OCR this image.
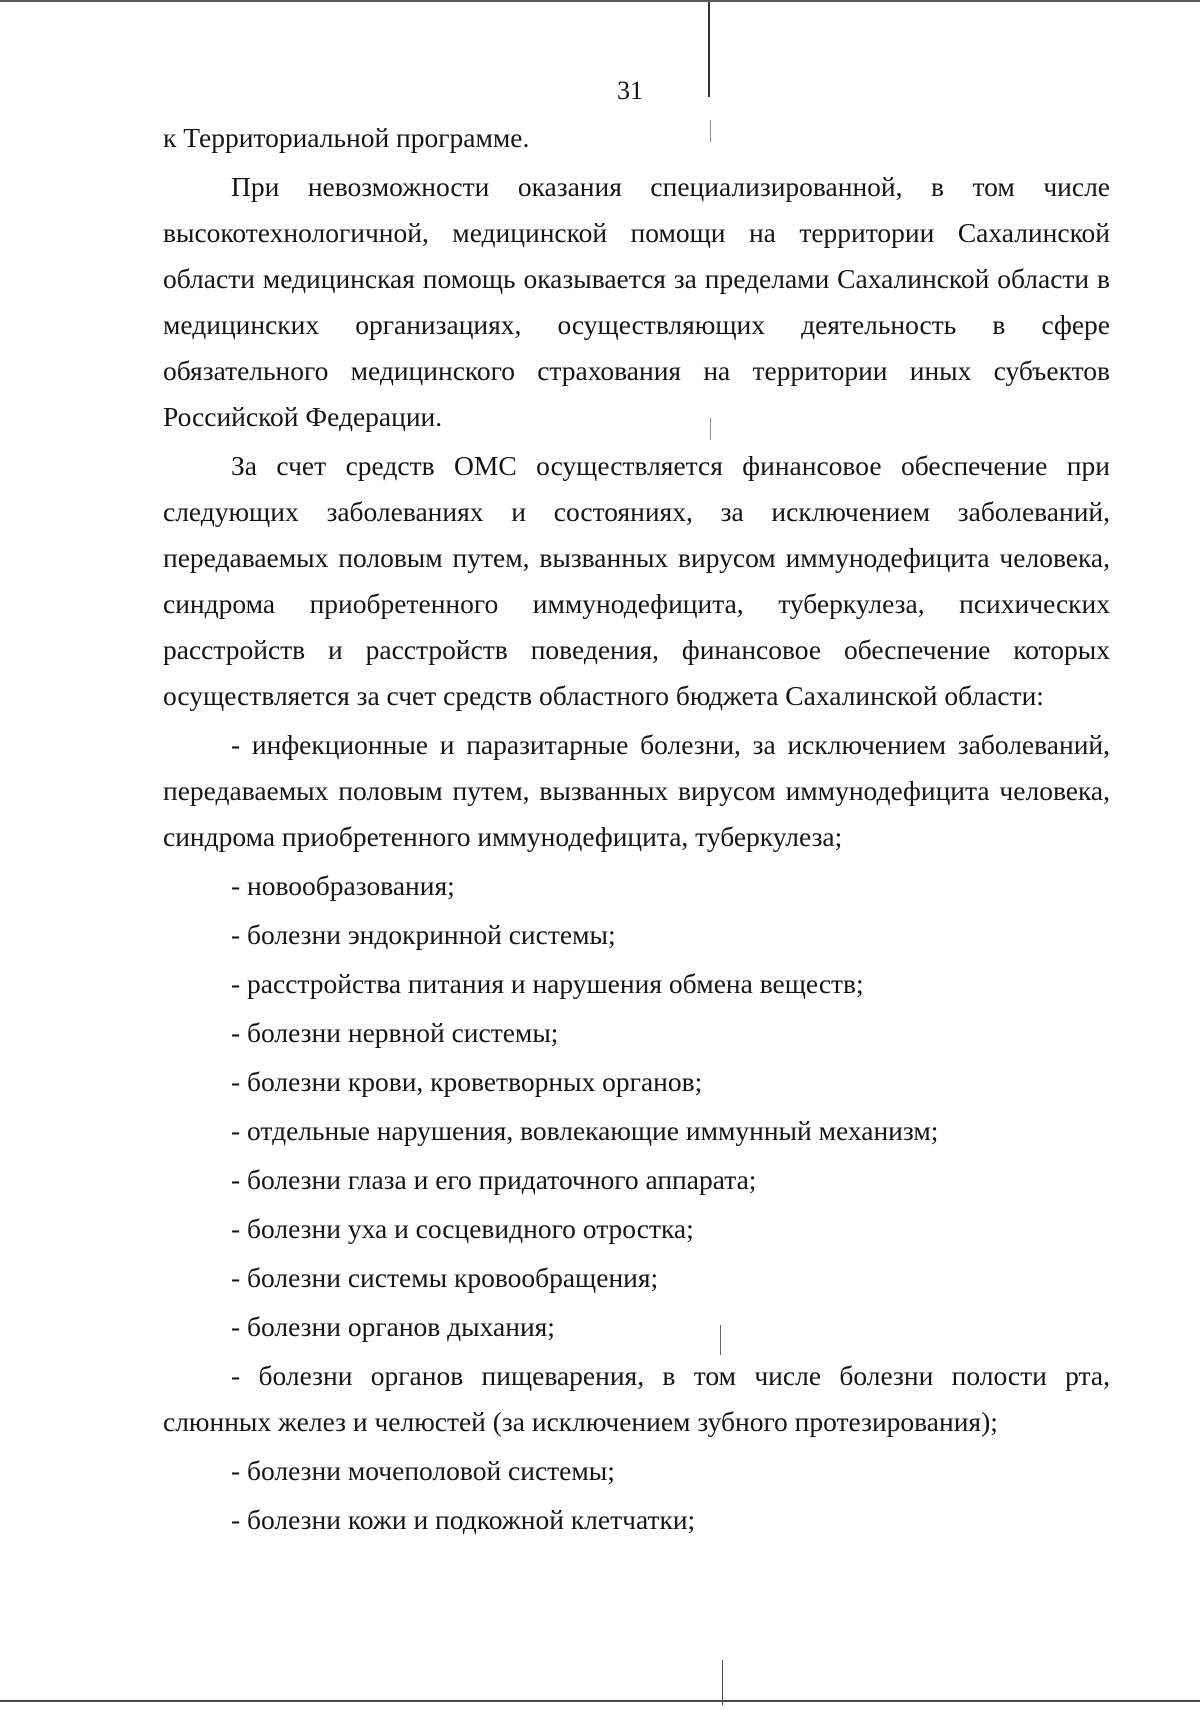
31

к Территориальной программе.

При невозможности оказания специализированной, в том числе высокотехнологичной, медицинской помощи на территории Сахалинской области медицинская помощь оказывается за пределами Сахалинской области в медицинских организациях, осуществляющих деятельность в сфере обязательного медицинского страхования на территории иных субъектов Российской Федерации.

За счет средств ОМС осуществляется финансовое обеспечение при следующих заболеваниях и состояниях, за исключением заболеваний, передаваемых половым путем, вызванных вирусом иммунодефицита человека, синдрома приобретенного иммунодефицита, туберкулеза, психических расстройств и расстройств поведения, финансовое обеспечение которых осуществляется за счет средств областного бюджета Сахалинской области:

- инфекционные и паразитарные болезни, за исключением заболеваний, передаваемых половым путем, вызванных вирусом иммунодефицита человека, синдрома приобретенного иммунодефицита, туберкулеза;

- новообразования;

- болезни эндокринной системы;

- расстройства питания и нарушения обмена веществ;

- болезни нервной системы;

- болезни крови, кроветворных органов;

- отдельные нарушения, вовлекающие иммунный механизм;

- болезни глаза и его придаточного аппарата;

- болезни уха и сосцевидного отростка;

- болезни системы кровообращения;

- болезни органов дыхания;

- болезни органов пищеварения, в том числе болезни полости рта, слюнных желез и челюстей (за исключением зубного протезирования);

- болезни мочеполовой системы;

- болезни кожи и подкожной клетчатки;
